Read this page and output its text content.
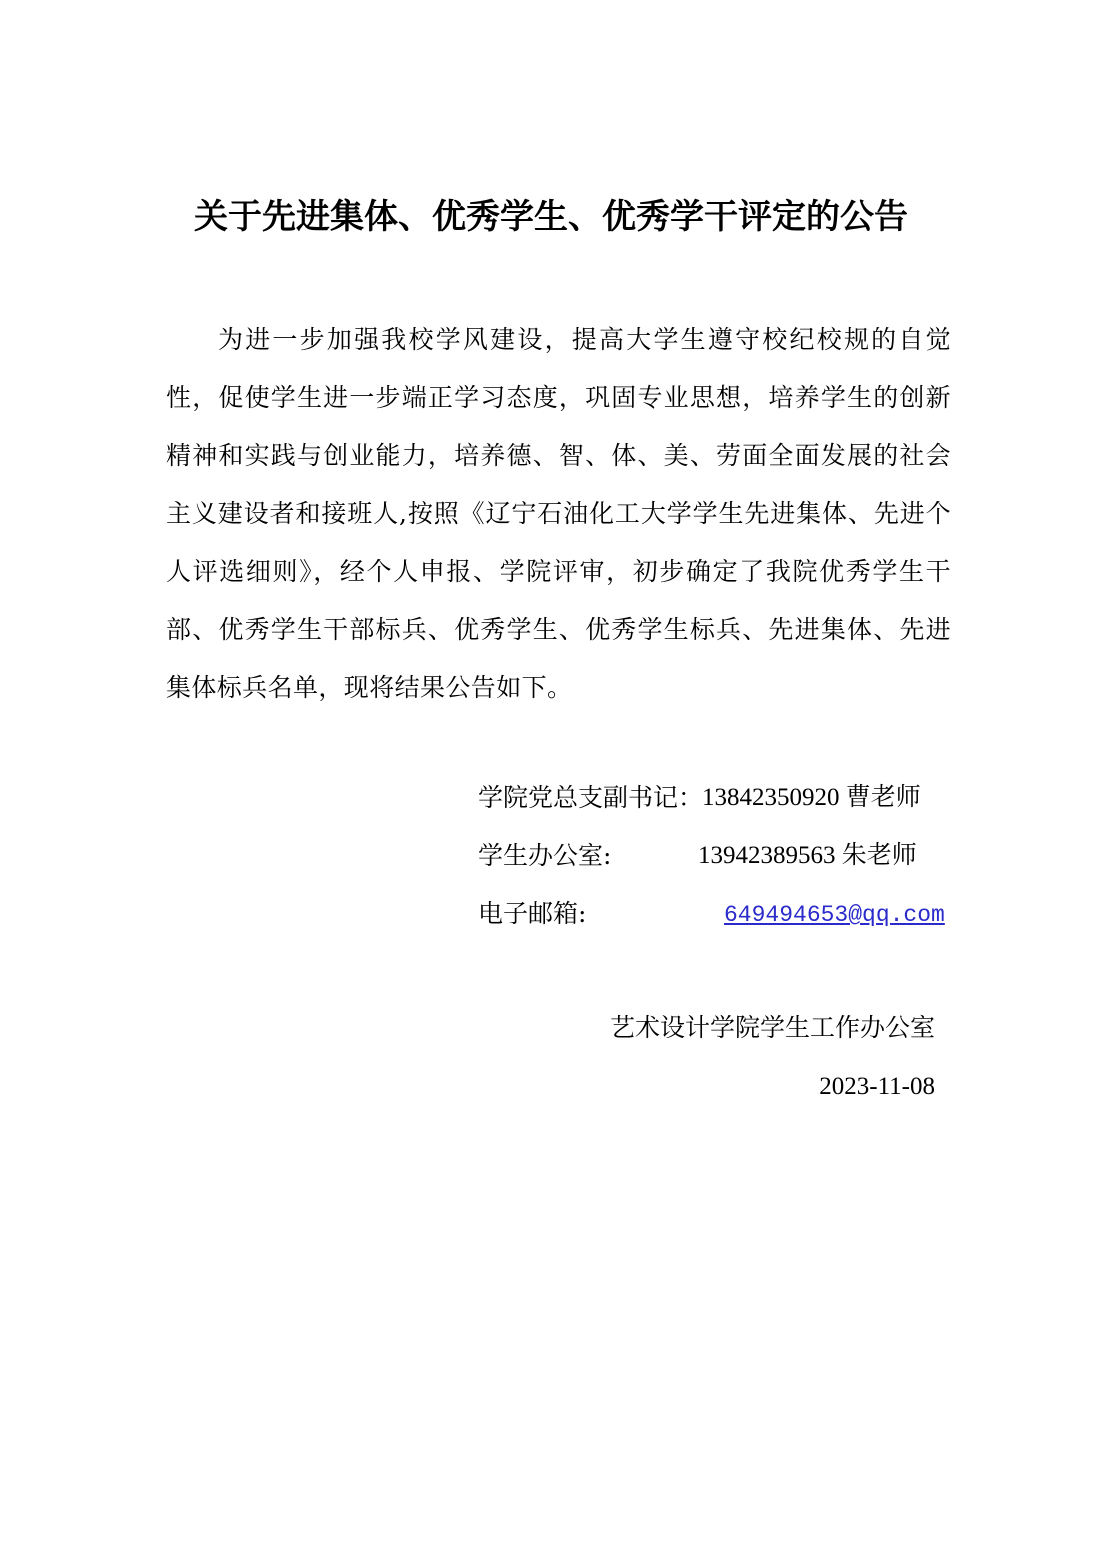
关于先进集体、优秀学生、优秀学干评定的公告

为进一步加强我校学风建设，提高大学生遵守校纪校规的自觉性，促使学生进一步端正学习态度，巩固专业思想，培养学生的创新精神和实践与创业能力，培养德、智、体、美、劳面全面发展的社会主义建设者和接班人,按照《辽宁石油化工大学学生先进集体、先进个人评选细则》，经个人申报、学院评审，初步确定了我院优秀学生干部、优秀学生干部标兵、优秀学生、优秀学生标兵、先进集体、先进集体标兵名单，现将结果公告如下。

学院党总支副书记：
13842350920 曹老师
学生办公室:	13942389563 朱老师
电子邮箱:	649494653@qq.com
艺术设计学院学生工作办公室
2023-11-08
